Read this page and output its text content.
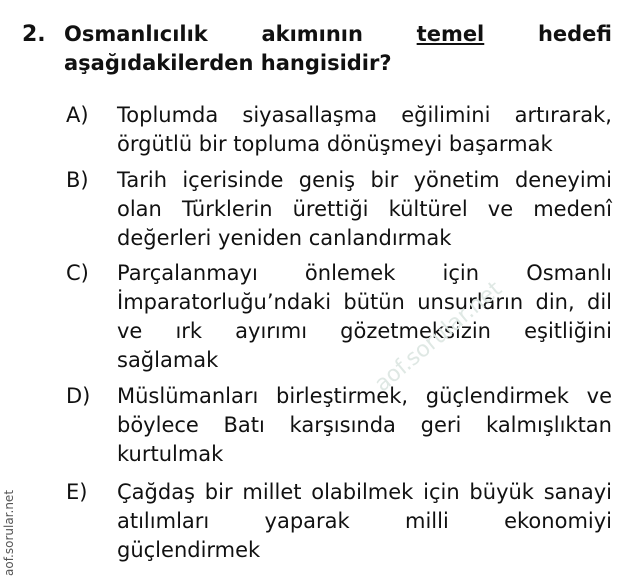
2. Osmanlıcılık akımının temel hedefi aşağıdakilerden hangisidir?
A) Toplumda siyasallaşma eğilimini artırarak, örgütlü bir topluma dönüşmeyi başarmak
B) Tarih içerisinde geniş bir yönetim deneyimi olan Türklerin ürettiği kültürel ve medenî değerleri yeniden canlandırmak
C) Parçalanmayı önlemek için Osmanlı İmparatorluğu’ndaki bütün unsurların din, dil ve ırk ayırımı gözetmeksizin eşitliğini sağlamak
D) Müslümanları birleştirmek, güçlendirmek ve böylece Batı karşısında geri kalmışlıktan kurtulmak
E) Çağdaş bir millet olabilmek için büyük sanayi atılımları yaparak milli ekonomiyi güçlendirmek
aof.sorular.net
aof.sorular.net
